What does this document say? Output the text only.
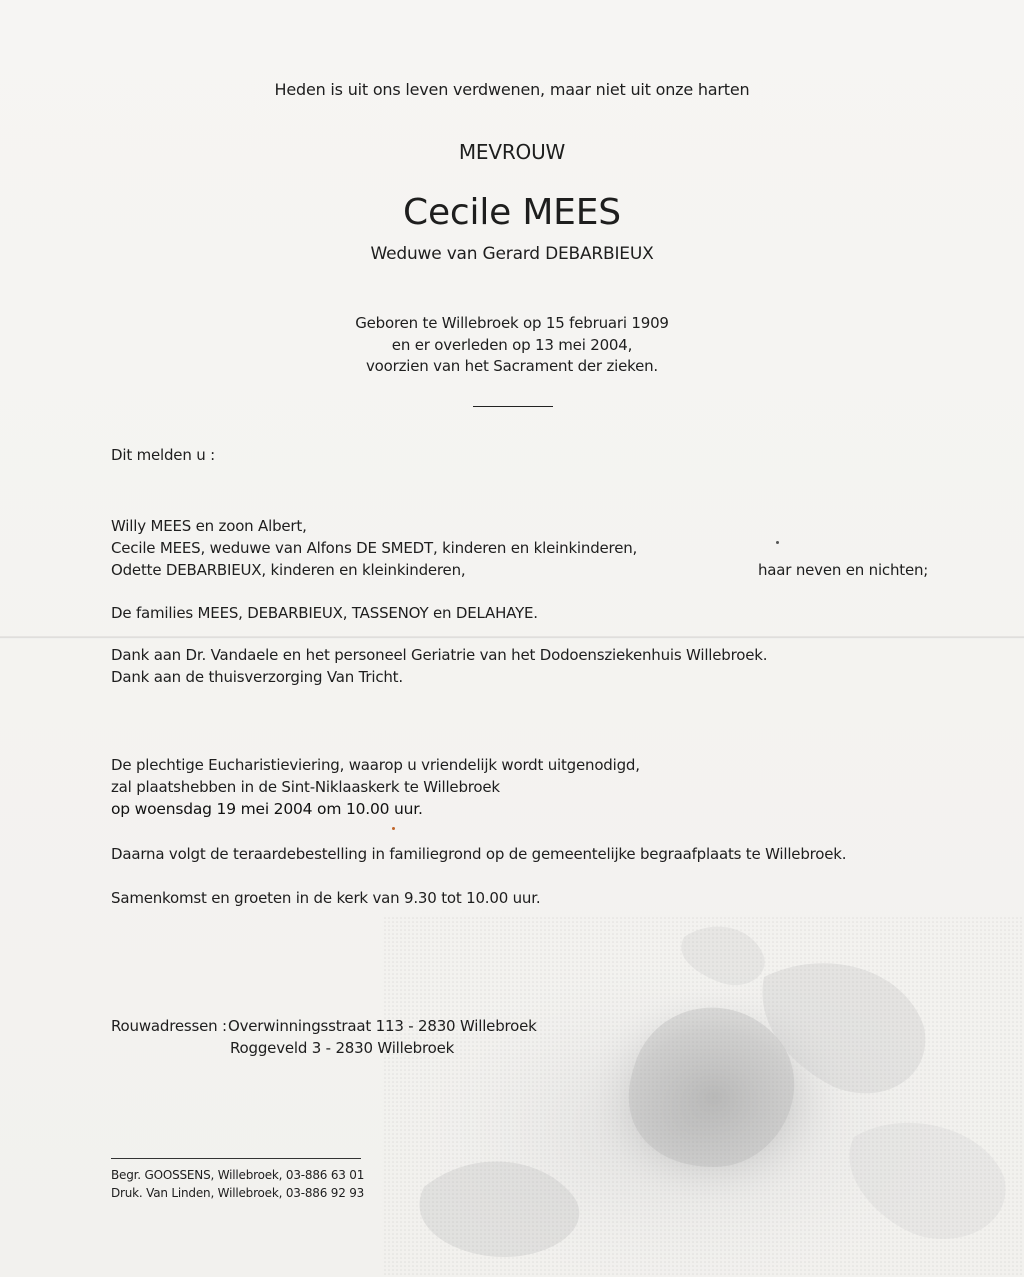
Heden is uit ons leven verdwenen, maar niet uit onze harten
MEVROUW
Cecile MEES
Weduwe van Gerard DEBARBIEUX
Geboren te Willebroek op 15 februari 1909
en er overleden op 13 mei 2004,
voorzien van het Sacrament der zieken.
Dit melden u :
Willy MEES en zoon Albert,
Cecile MEES, weduwe van Alfons DE SMEDT, kinderen en kleinkinderen,
Odette DEBARBIEUX, kinderen en kleinkinderen,	haar neven en nichten;
De families MEES, DEBARBIEUX, TASSENOY en DELAHAYE.
Dank aan Dr. Vandaele en het personeel Geriatrie van het Dodoensziekenhuis Willebroek.
Dank aan de thuisverzorging Van Tricht.
De plechtige Eucharistieviering, waarop u vriendelijk wordt uitgenodigd,
zal plaatshebben in de Sint-Niklaaskerk te Willebroek
op woensdag 19 mei 2004 om 10.00 uur.
Daarna volgt de teraardebestelling in familiegrond op de gemeentelijke begraafplaats te Willebroek.
Samenkomst en groeten in de kerk van 9.30 tot 10.00 uur.
Rouwadressen : Overwinningsstraat 113 - 2830 Willebroek
Roggeveld 3 - 2830 Willebroek
Begr. GOOSSENS, Willebroek, 03-886 63 01
Druk. Van Linden, Willebroek, 03-886 92 93
